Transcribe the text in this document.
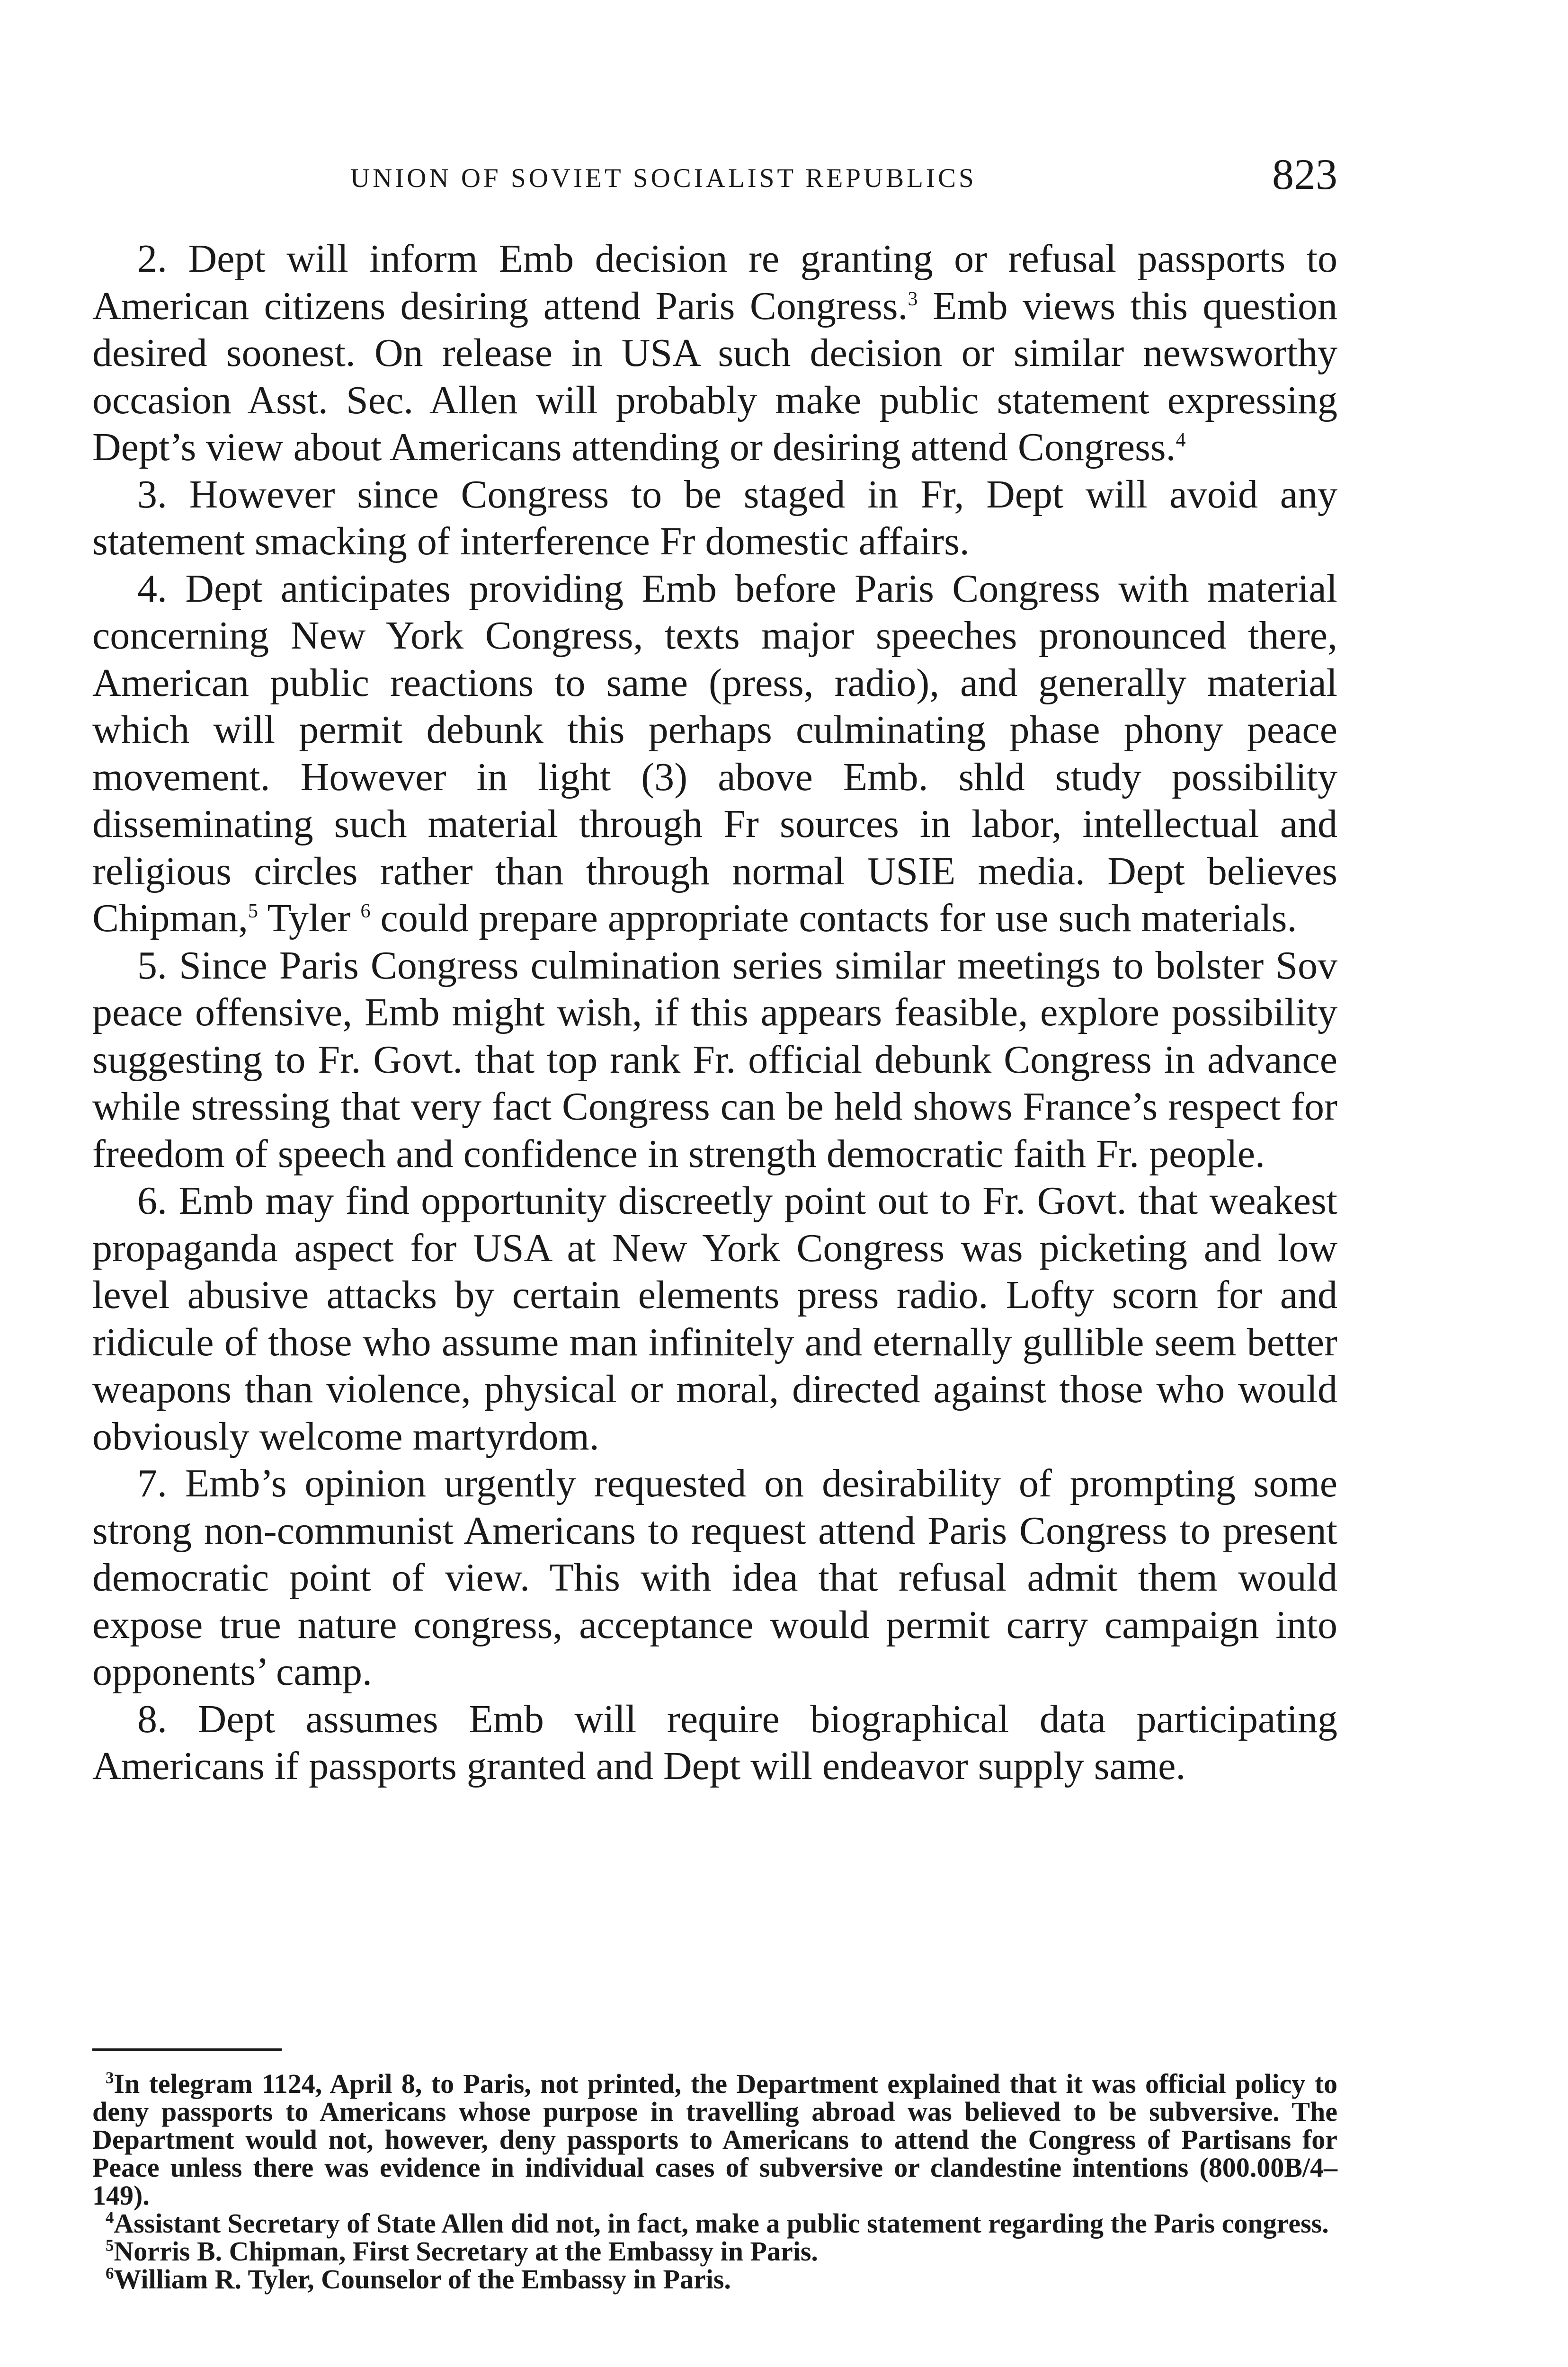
UNION OF SOVIET SOCIALIST REPUBLICS	823

2. Dept will inform Emb decision re granting or refusal passports to American citizens desiring attend Paris Congress.$^3$ Emb views this question desired soonest. On release in USA such decision or similar newsworthy occasion Asst. Sec. Allen will probably make public statement expressing Dept’s view about Americans attending or desiring attend Congress.$^4$

3. However since Congress to be staged in Fr, Dept will avoid any statement smacking of interference Fr domestic affairs.

4. Dept anticipates providing Emb before Paris Congress with material concerning New York Congress, texts major speeches pronounced there, American public reactions to same (press, radio), and generally material which will permit debunk this perhaps culminating phase phony peace movement. However in light (3) above Emb. shld study possibility disseminating such material through Fr sources in labor, intellectual and religious circles rather than through normal USIE media. Dept believes Chipman,$^5$ Tyler $^6$ could prepare appropriate contacts for use such materials.

5. Since Paris Congress culmination series similar meetings to bolster Sov peace offensive, Emb might wish, if this appears feasible, explore possibility suggesting to Fr. Govt. that top rank Fr. official debunk Congress in advance while stressing that very fact Congress can be held shows France’s respect for freedom of speech and confidence in strength democratic faith Fr. people.

6. Emb may find opportunity discreetly point out to Fr. Govt. that weakest propaganda aspect for USA at New York Congress was picketing and low level abusive attacks by certain elements press radio. Lofty scorn for and ridicule of those who assume man infinitely and eternally gullible seem better weapons than violence, physical or moral, directed against those who would obviously welcome martyrdom.

7. Emb’s opinion urgently requested on desirability of prompting some strong non-communist Americans to request attend Paris Congress to present democratic point of view. This with idea that refusal admit them would expose true nature congress, acceptance would permit carry campaign into opponents’ camp.

8. Dept assumes Emb will require biographical data participating Americans if passports granted and Dept will endeavor supply same.

$^3$In telegram 1124, April 8, to Paris, not printed, the Department explained that it was official policy to deny passports to Americans whose purpose in travelling abroad was believed to be subversive. The Department would not, however, deny passports to Americans to attend the Congress of Partisans for Peace unless there was evidence in individual cases of subversive or clandestine intentions (800.00B/4–149).

$^4$Assistant Secretary of State Allen did not, in fact, make a public statement regarding the Paris congress.

$^5$Norris B. Chipman, First Secretary at the Embassy in Paris.

$^6$William R. Tyler, Counselor of the Embassy in Paris.
